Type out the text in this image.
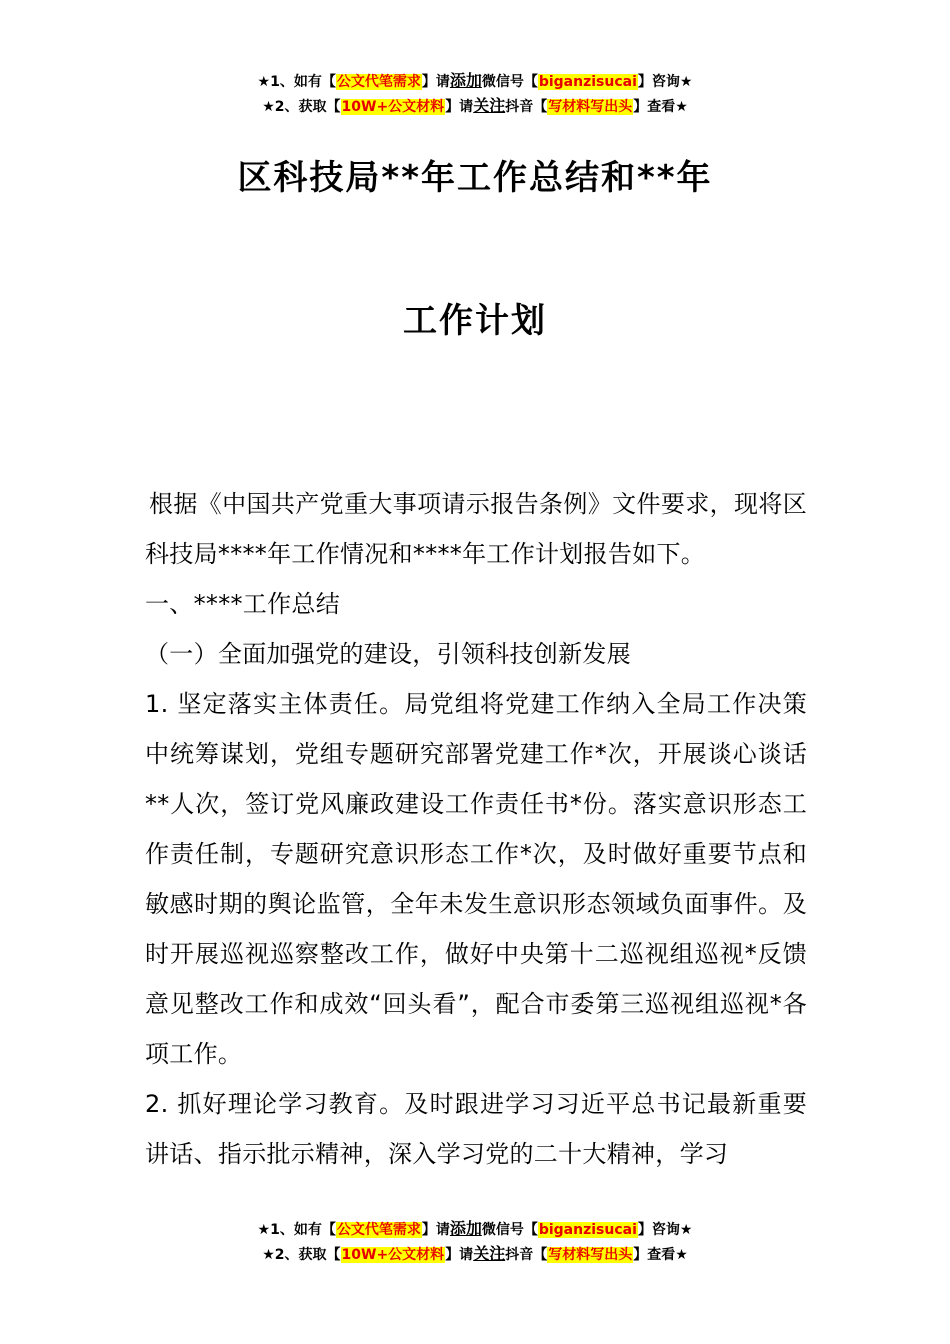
★1、如有【公文代笔需求】请添加微信号【biganzisucai】咨询★
★2、获取【10W+公文材料】请关注抖音【写材料写出头】查看★
区科技局**年工作总结和**年
工作计划

根据《中国共产党重大事项请示报告条例》文件要求，现将区科技局****年工作情况和****年工作计划报告如下。

一、****工作总结

（一）全面加强党的建设，引领科技创新发展

1. 坚定落实主体责任。局党组将党建工作纳入全局工作决策中统筹谋划，党组专题研究部署党建工作*次，开展谈心谈话**人次，签订党风廉政建设工作责任书*份。落实意识形态工作责任制，专题研究意识形态工作*次，及时做好重要节点和敏感时期的舆论监管，全年未发生意识形态领域负面事件。及时开展巡视巡察整改工作，做好中央第十二巡视组巡视*反馈意见整改工作和成效“回头看”，配合市委第三巡视组巡视*各项工作。

2. 抓好理论学习教育。及时跟进学习习近平总书记最新重要讲话、指示批示精神，深入学习党的二十大精神，学习

★1、如有【公文代笔需求】请添加微信号【biganzisucai】咨询★
★2、获取【10W+公文材料】请关注抖音【写材料写出头】查看★
